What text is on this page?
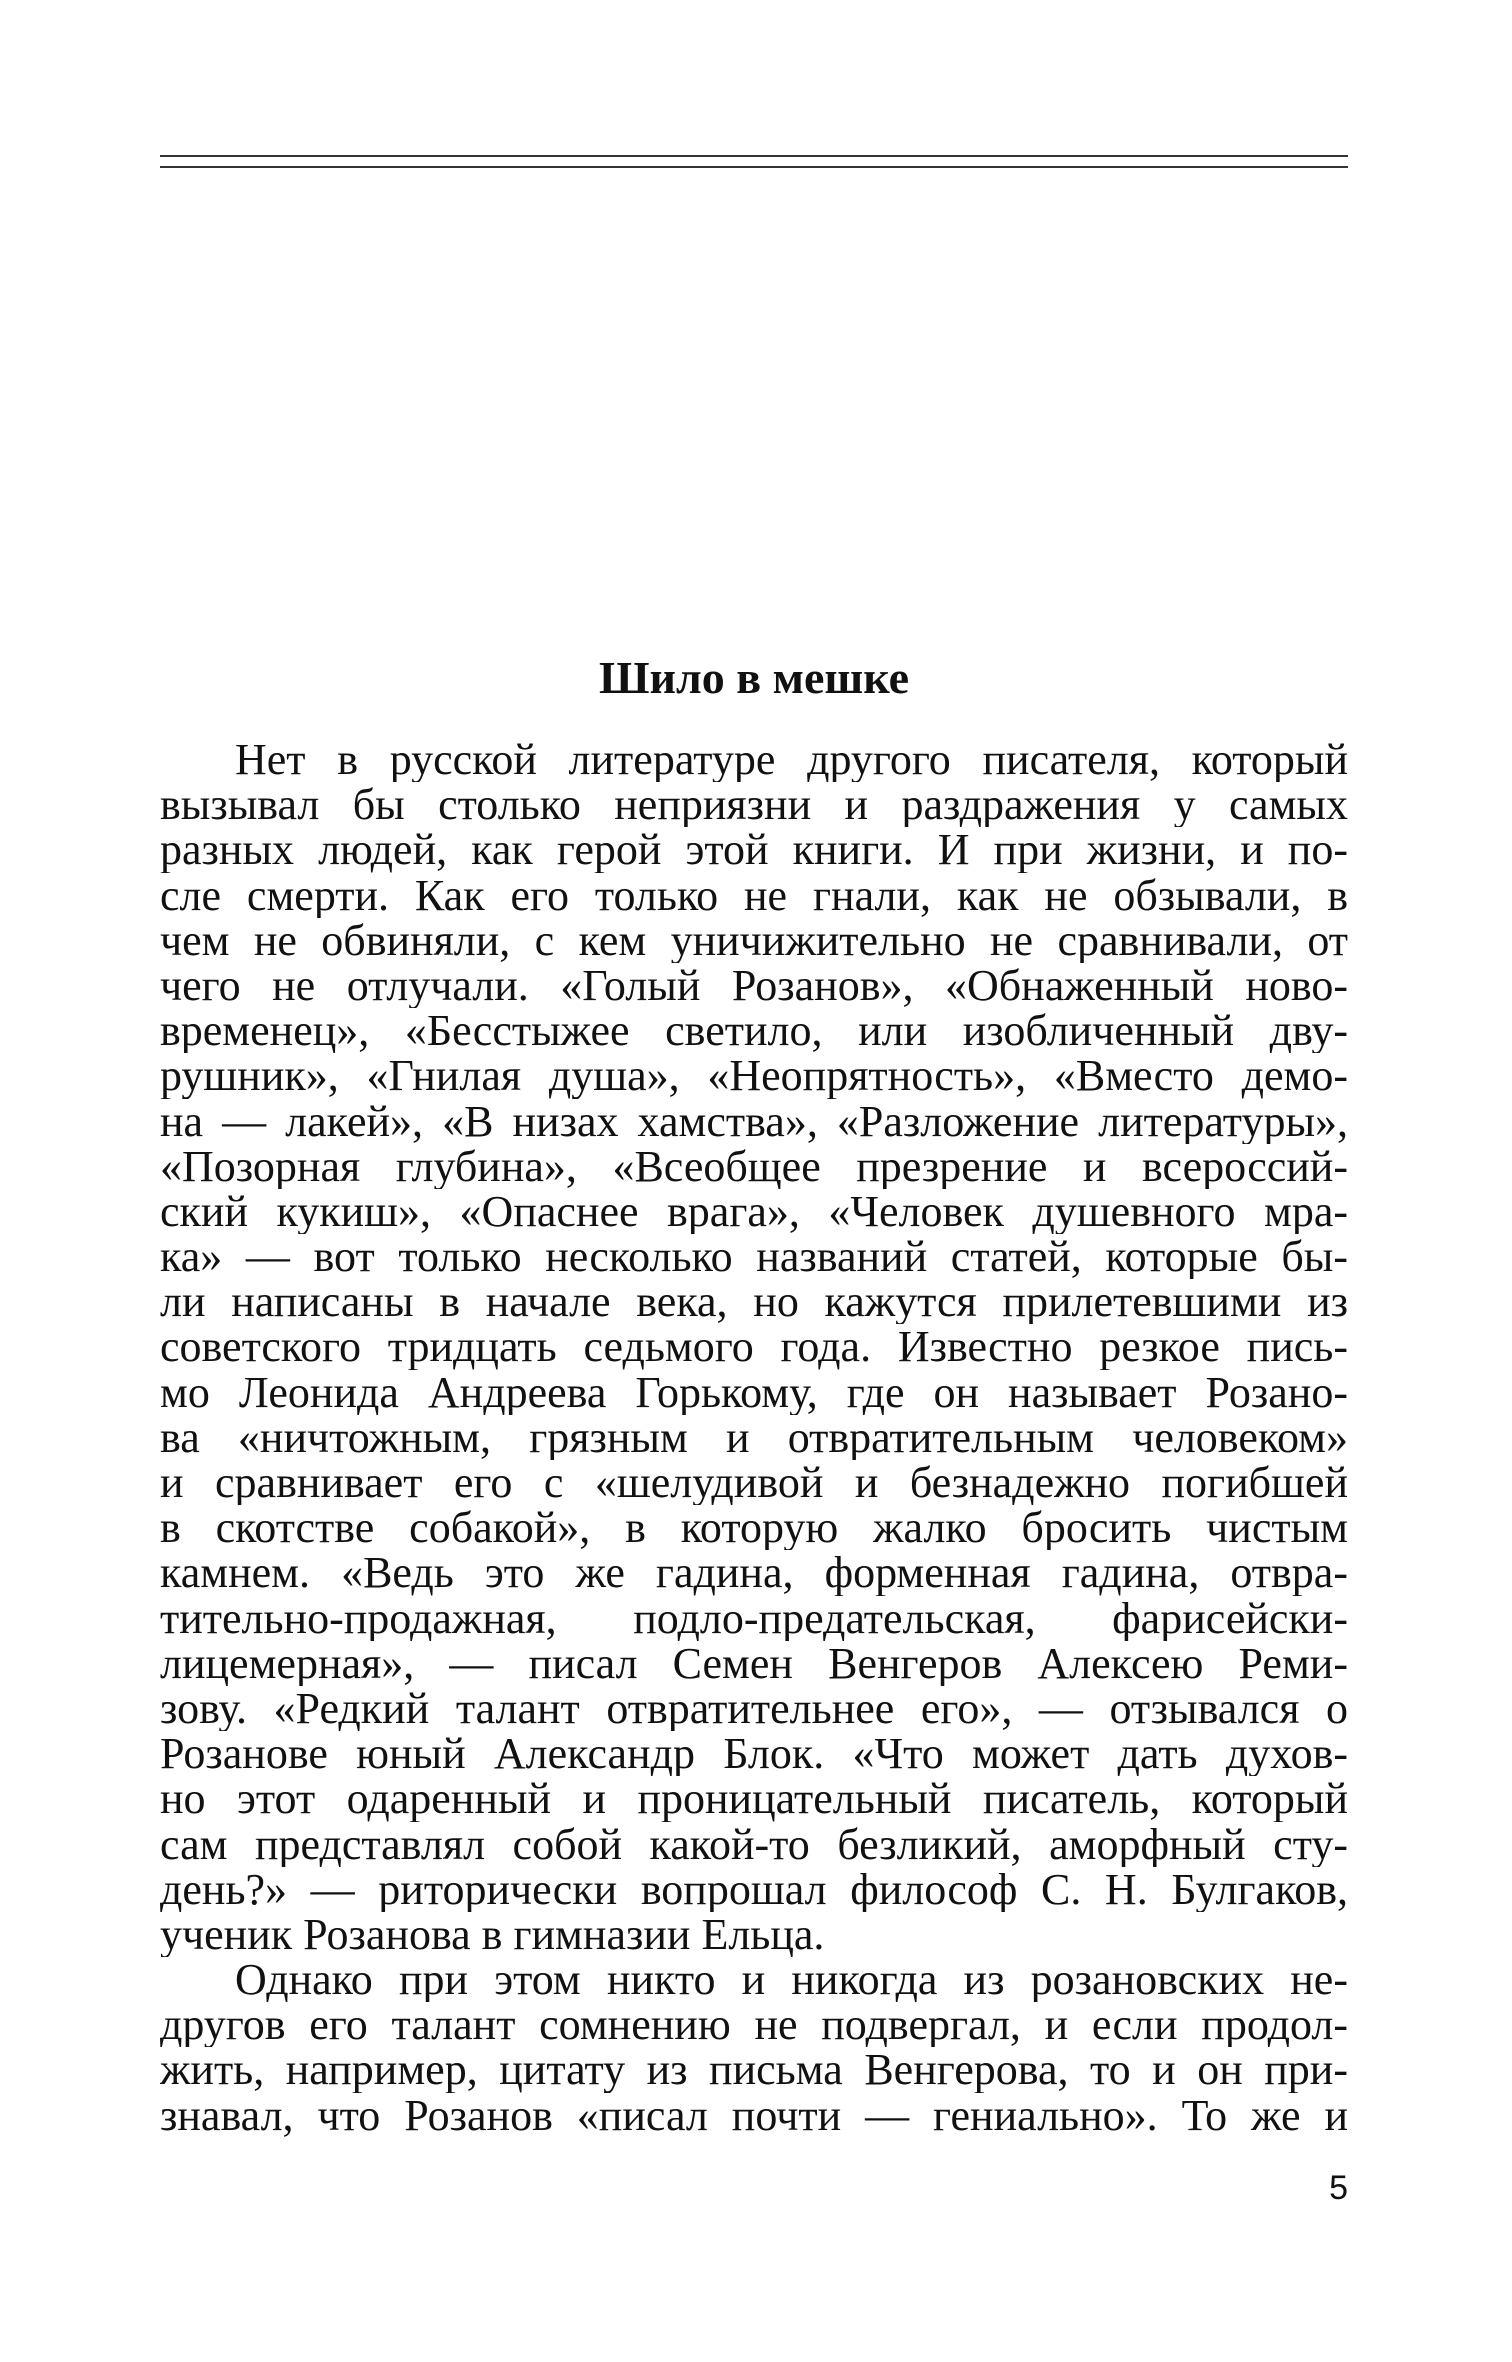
Шило в мешке
Нет в русской литературе другого писателя, который
вызывал бы столько неприязни и раздражения у самых
разных людей, как герой этой книги. И при жизни, и по-
сле смерти. Как его только не гнали, как не обзывали, в
чем не обвиняли, с кем уничижительно не сравнивали, от
чего не отлучали. «Голый Розанов», «Обнаженный ново-
временец», «Бесстыжее светило, или изобличенный дву-
рушник», «Гнилая душа», «Неопрятность», «Вместо демо-
на — лакей», «В низах хамства», «Разложение литературы»,
«Позорная глубина», «Всеобщее презрение и всероссий-
ский кукиш», «Опаснее врага», «Человек душевного мра-
ка» — вот только несколько названий статей, которые бы-
ли написаны в начале века, но кажутся прилетевшими из
советского тридцать седьмого года. Известно резкое пись-
мо Леонида Андреева Горькому, где он называет Розано-
ва «ничтожным, грязным и отвратительным человеком»
и сравнивает его с «шелудивой и безнадежно погибшей
в скотстве собакой», в которую жалко бросить чистым
камнем. «Ведь это же гадина, форменная гадина, отвра-
тительно-продажная, подло-предательская, фарисейски-
лицемерная», — писал Семен Венгеров Алексею Реми-
зову. «Редкий талант отвратительнее его», — отзывался о
Розанове юный Александр Блок. «Что может дать духов-
но этот одаренный и проницательный писатель, который
сам представлял собой какой-то безликий, аморфный сту-
день?» — риторически вопрошал философ С. Н. Булгаков,
ученик Розанова в гимназии Ельца.
Однако при этом никто и никогда из розановских не-
другов его талант сомнению не подвергал, и если продол-
жить, например, цитату из письма Венгерова, то и он при-
знавал, что Розанов «писал почти — гениально». То же и
5
